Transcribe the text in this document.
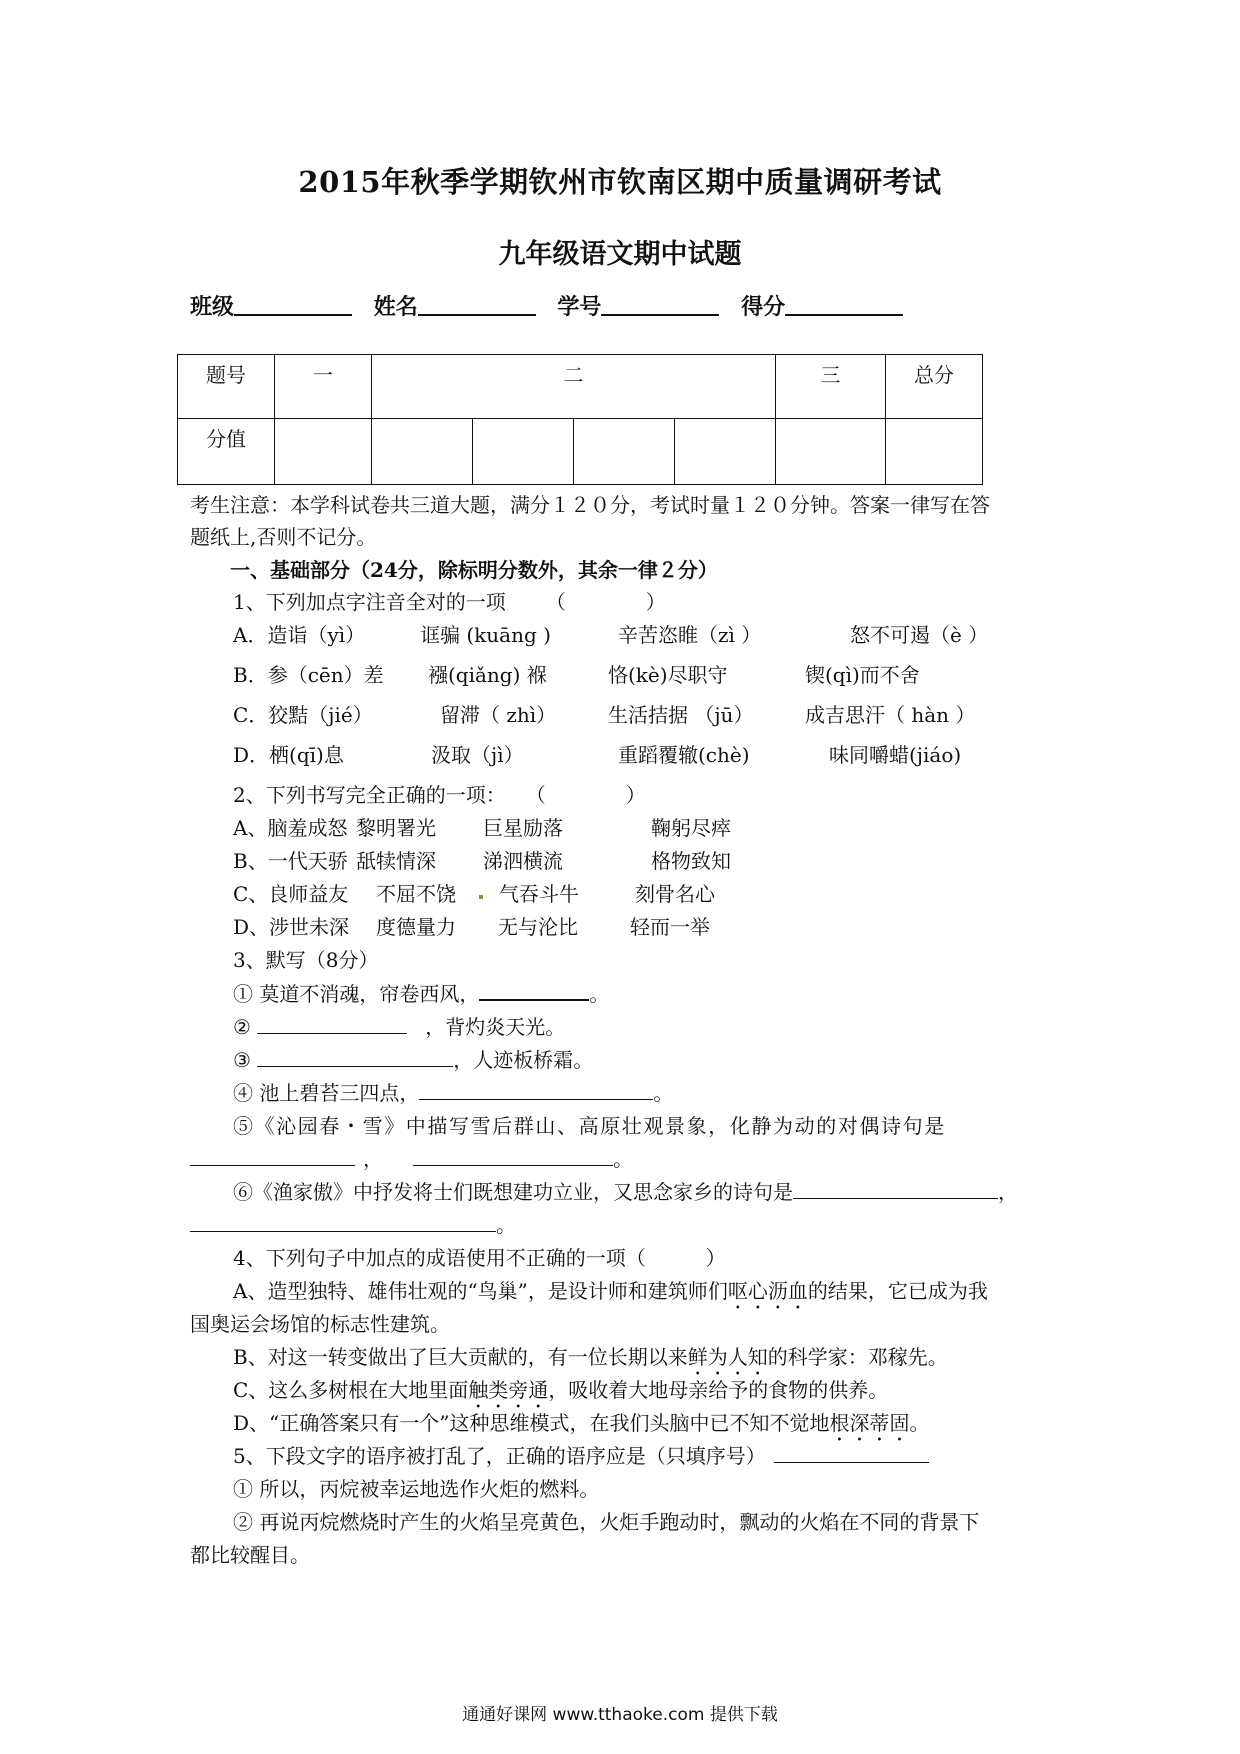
2015年秋季学期钦州市钦南区期中质量调研考试
九年级语文期中试题
班级	姓名	学号	得分
题号	一	二				三	总分
分值							
考生注意：本学科试卷共三道大题，满分１２０分，考试时量１２０分钟。答案一律写在答
题纸上,否则不记分。
一、基础部分（24分，除标明分数外，其余一律２分）
1、下列加点字注音全对的一项 （　　　　）
A．造诣（yì）	诓骗 (kuāng )	辛苦恣睢（zì ）	怒不可遏（è ）
B．参（cēn）差 襁(qiǎng) 褓	恪(kè)尽职守	锲(qì)而不舍
C．狡黠（jié）	留滞（ zhì）	生活拮据 （jū）	成吉思汗（ hàn ）
D．栖(qī)息	汲取（jì）	重蹈覆辙(chè)	味同嚼蜡(jiáo)
2、下列书写完全正确的一项： （　　　　）
A、脑羞成怒 黎明署光 巨星励落	鞠躬尽瘁
B、一代天骄 舐犊情深 涕泗横流	格物致知
C、良师益友 不屈不饶 气吞斗牛	刻骨名心
D、涉世未深 度德量力 无与沦比	轻而一举
3、默写（8分）
① 莫道不消魂，帘卷西风，	。
②	，背灼炎天光。
③	，人迹板桥霜。
④ 池上碧苔三四点，	。
⑤《沁园春・雪》中描写雪后群山、高原壮观景象，化静为动的对偶诗句是
，	。
⑥《渔家傲》中抒发将士们既想建功立业，又思念家乡的诗句是	，
。
4、下列句子中加点的成语使用不正确的一项（　　　）
A、造型独特、雄伟壮观的“鸟巢”，是设计师和建筑师们呕心沥血的结果，它已成为我
国奥运会场馆的标志性建筑。
B、对这一转变做出了巨大贡献的，有一位长期以来鲜为人知的科学家：邓稼先。
C、这么多树根在大地里面触类旁通，吸收着大地母亲给予的食物的供养。
D、“正确答案只有一个”这种思维模式，在我们头脑中已不知不觉地根深蒂固。
5、下段文字的语序被打乱了，正确的语序应是（只填序号）
① 所以，丙烷被幸运地选作火炬的燃料。
② 再说丙烷燃烧时产生的火焰呈亮黄色，火炬手跑动时，飘动的火焰在不同的背景下
都比较醒目。
通通好课网 www.tthaoke.com 提供下载
